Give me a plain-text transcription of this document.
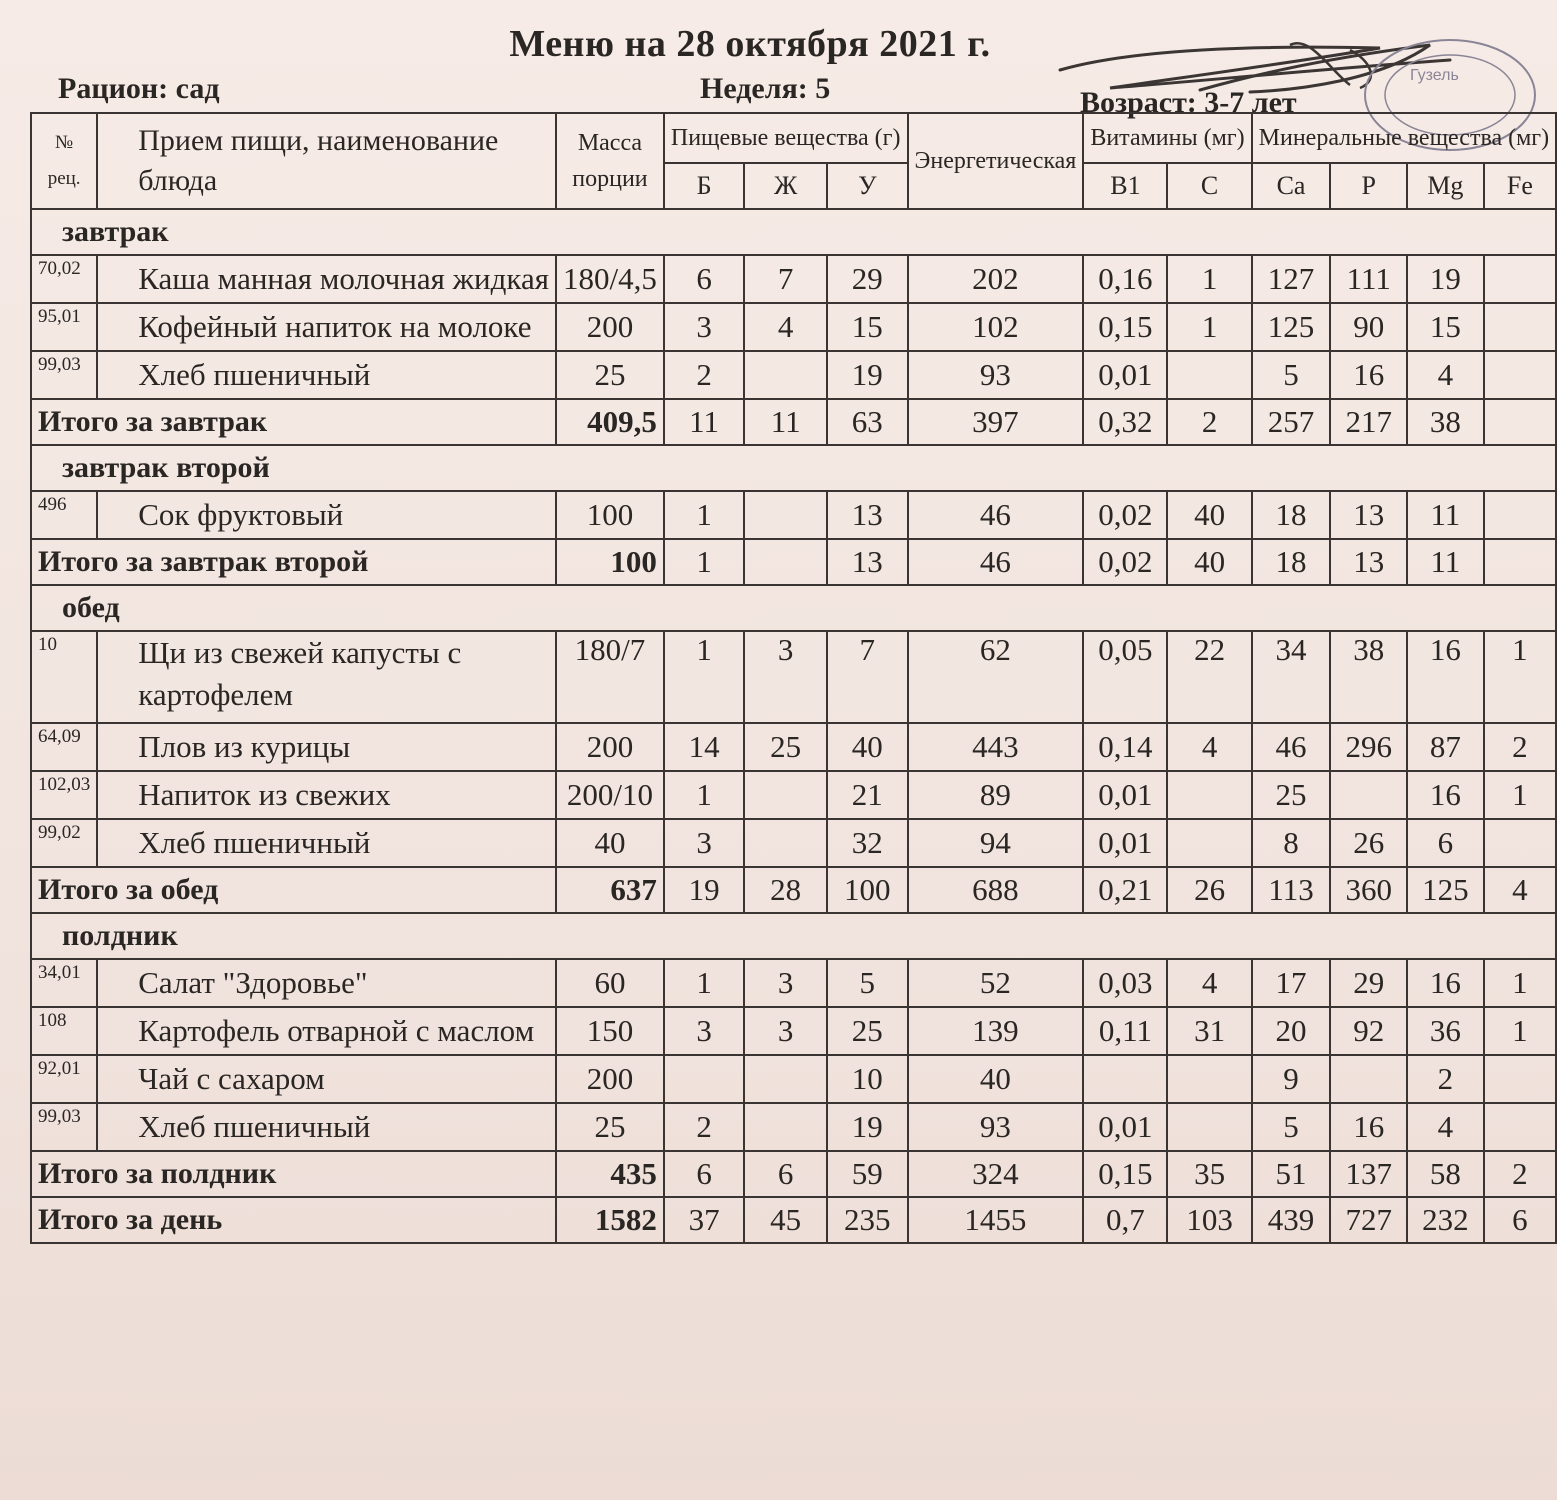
Меню на 28 октября 2021 г.
Рацион: сад	Неделя: 5	Возраст: 3-7 лет
Гузель
№ рец.	Прием пищи, наименование блюда	Масса порции	Пищевые вещества (г)			Энергетическая	Витамины (мг)		Минеральные вещества (мг)			
			Б	Ж	У		B1	C	Ca	P	Mg	Fe
завтрак												
70,02	Каша манная молочная жидкая	180/4,5	6	7	29	202	0,16	1	127	111	19	
95,01	Кофейный напиток на молоке	200	3	4	15	102	0,15	1	125	90	15	
99,03	Хлеб пшеничный	25	2		19	93	0,01		5	16	4	
Итого за завтрак		409,5	11	11	63	397	0,32	2	257	217	38	
завтрак второй												
496	Сок фруктовый	100	1		13	46	0,02	40	18	13	11	
Итого за завтрак второй		100	1		13	46	0,02	40	18	13	11	
обед												
10	Щи из свежей капусты с картофелем	180/7	1	3	7	62	0,05	22	34	38	16	1
64,09	Плов из курицы	200	14	25	40	443	0,14	4	46	296	87	2
102,03	Напиток из свежих	200/10	1		21	89	0,01		25		16	1
99,02	Хлеб пшеничный	40	3		32	94	0,01		8	26	6	
Итого за обед		637	19	28	100	688	0,21	26	113	360	125	4
полдник												
34,01	Салат "Здоровье"	60	1	3	5	52	0,03	4	17	29	16	1
108	Картофель отварной с маслом	150	3	3	25	139	0,11	31	20	92	36	1
92,01	Чай с сахаром	200			10	40			9		2	
99,03	Хлеб пшеничный	25	2		19	93	0,01		5	16	4	
Итого за полдник		435	6	6	59	324	0,15	35	51	137	58	2
Итого за день		1582	37	45	235	1455	0,7	103	439	727	232	6
